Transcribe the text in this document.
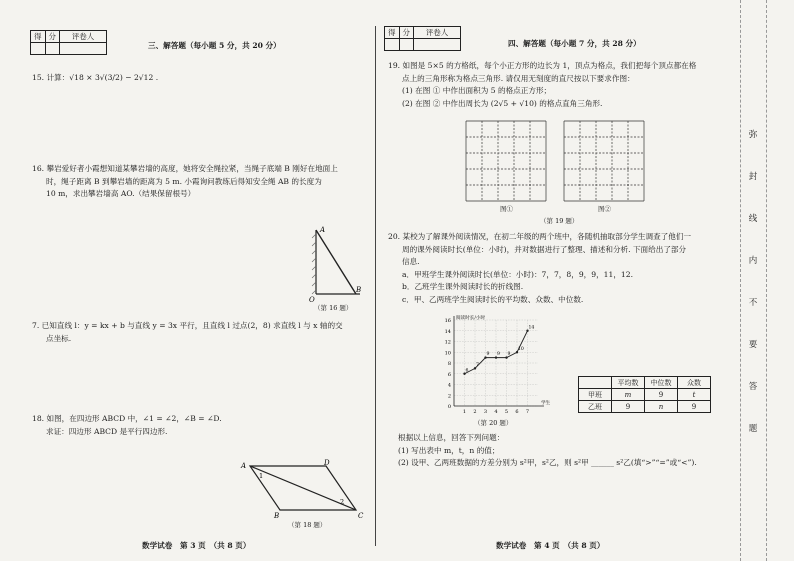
得	分	评卷人

三、解答题（每小题 5 分，共 20 分）
15. 计算：√18 × 3√(3/2) − 2√12 .
16. 攀岩爱好者小霞想知道某攀岩墙的高度，她将安全绳拉紧，当绳子底端 B 刚好在地面上
时，绳子距离 B 到攀岩墙的距离为 5 m. 小霞询问教练后得知安全绳 AB 的长度为
10 m，求出攀岩墙高 AO.（结果保留根号）
A
O
B
（第 16 题）
7. 已知直线 l：y = kx + b 与直线 y = 3x 平行，且直线 l 过点(2，8) 求直线 l 与 x 轴的交
点坐标.
18. 如图，在四边形 ABCD 中，∠1 = ∠2，∠B = ∠D.
求证：四边形 ABCD 是平行四边形.
A	D
C
B
1
2
（第 18 题）
数学试卷　第 3 页　（共 8 页）
得	分	评卷人

四、解答题（每小题 7 分，共 28 分）
19. 如图是 5×5 的方格纸，每个小正方形的边长为 1，顶点为格点，我们把每个顶点都在格
点上的三角形称为格点三角形. 请仅用无刻度的直尺按以下要求作图：
(1) 在图 ① 中作出面积为 5 的格点正方形；
(2) 在图 ② 中作出周长为 (2√5 + √10) 的格点直角三角形.
图①	图②
（第 19 题）
20. 某校为了解课外阅读情况，在初二年级的两个班中，各随机抽取部分学生调查了他们一
周的课外阅读时长(单位：小时)，并对数据进行了整理、描述和分析. 下面给出了部分
信息.
a．甲班学生课外阅读时长(单位：小时)：7，7，8，9，9，11，12.
b．乙班学生课外阅读时长的折线图.
c．甲、乙两班学生阅读时长的平均数、众数、中位数.
0
2
4
6
8
10
12
14
16
1 2 3 4 5 6 7
阅读时长/小时
学生
6
7
9 9 9
10
14
（第 20 题）
	平均数	中位数	众数
甲班	m	9	t
乙班	9	n	9
根据以上信息，回答下列问题：
(1) 写出表中 m，t，n 的值；
(2) 设甲、乙两班数据的方差分别为 s²甲，s²乙，则 s²甲 ______ s²乙(填“>”“=”或“<”).
数学试卷　第 4 页　（共 8 页）
弥
封
线
内
不
要
答
题
